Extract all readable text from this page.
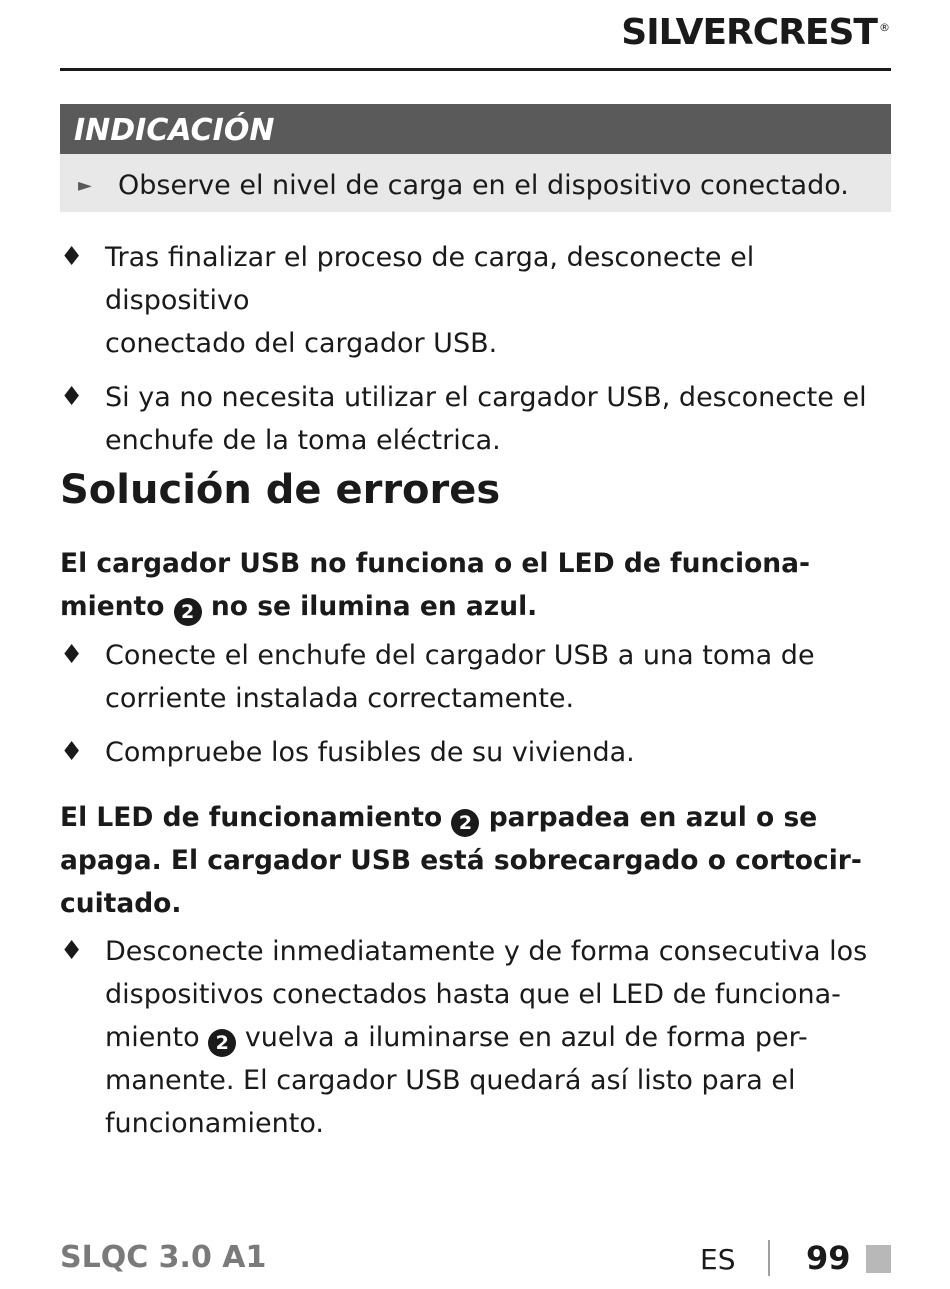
SILVERCREST ®
INDICACIÓN
► Observe el nivel de carga en el dispositivo conectado.
♦ Tras finalizar el proceso de carga, desconecte el dispositivo
conectado del cargador USB.
♦ Si ya no necesita utilizar el cargador USB, desconecte el
enchufe de la toma eléctrica.
Solución de errores
El cargador USB no funciona o el LED de funciona-
miento 2 no se ilumina en azul.
♦ Conecte el enchufe del cargador USB a una toma de
corriente instalada correctamente.
♦ Compruebe los fusibles de su vivienda.
El LED de funcionamiento 2 parpadea en azul o se
apaga. El cargador USB está sobrecargado o cortocir-
cuitado.
♦ Desconecte inmediatamente y de forma consecutiva los
dispositivos conectados hasta que el LED de funciona-
miento 2 vuelva a iluminarse en azul de forma per-
manente. El cargador USB quedará así listo para el
funcionamiento.
SLQC 3.0 A1	ES 99
